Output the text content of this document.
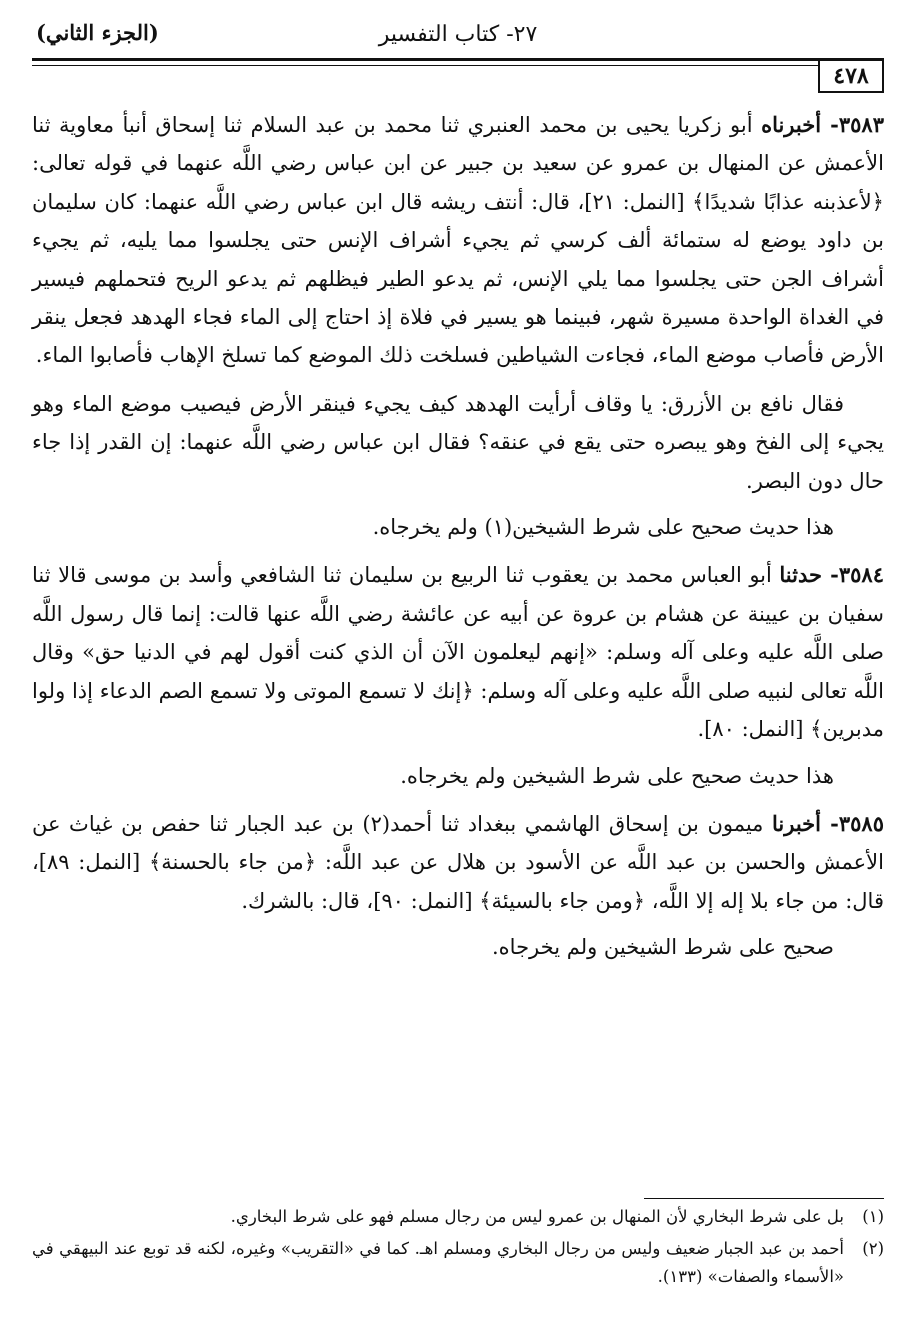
٢٧- كتاب التفسير
(الجزء الثاني)
٤٧٨

٣٥٨٣- أخبرناه أبو زكريا يحيى بن محمد العنبري ثنا محمد بن عبد السلام ثنا إسحاق أنبأ معاوية ثنا الأعمش عن المنهال بن عمرو عن سعيد بن جبير عن ابن عباس رضي اللَّه عنهما في قوله تعالى: ﴿لأعذبنه عذابًا شديدًا﴾ [النمل: ٢١]، قال: أنتف ريشه قال ابن عباس رضي اللَّه عنهما: كان سليمان بن داود يوضع له ستمائة ألف كرسي ثم يجيء أشراف الإنس حتى يجلسوا مما يليه، ثم يجيء أشراف الجن حتى يجلسوا مما يلي الإنس، ثم يدعو الطير فيظلهم ثم يدعو الريح فتحملهم فيسير في الغداة الواحدة مسيرة شهر، فبينما هو يسير في فلاة إذ احتاج إلى الماء فجاء الهدهد فجعل ينقر الأرض فأصاب موضع الماء، فجاءت الشياطين فسلخت ذلك الموضع كما تسلخ الإهاب فأصابوا الماء.

فقال نافع بن الأزرق: يا وقاف أرأيت الهدهد كيف يجيء فينقر الأرض فيصيب موضع الماء وهو يجيء إلى الفخ وهو يبصره حتى يقع في عنقه؟ فقال ابن عباس رضي اللَّه عنهما: إن القدر إذا جاء حال دون البصر.

هذا حديث صحيح على شرط الشيخين(١) ولم يخرجاه.

٣٥٨٤- حدثنا أبو العباس محمد بن يعقوب ثنا الربيع بن سليمان ثنا الشافعي وأسد بن موسى قالا ثنا سفيان بن عيينة عن هشام بن عروة عن أبيه عن عائشة رضي اللَّه عنها قالت: إنما قال رسول اللَّه صلى اللَّه عليه وعلى آله وسلم: «إنهم ليعلمون الآن أن الذي كنت أقول لهم في الدنيا حق» وقال اللَّه تعالى لنبيه صلى اللَّه عليه وعلى آله وسلم: ﴿إنك لا تسمع الموتى ولا تسمع الصم الدعاء إذا ولوا مدبرين﴾ [النمل: ٨٠].

هذا حديث صحيح على شرط الشيخين ولم يخرجاه.

٣٥٨٥- أخبرنا ميمون بن إسحاق الهاشمي ببغداد ثنا أحمد(٢) بن عبد الجبار ثنا حفص بن غياث عن الأعمش والحسن بن عبد اللَّه عن الأسود بن هلال عن عبد اللَّه: ﴿من جاء بالحسنة﴾ [النمل: ٨٩]، قال: من جاء بلا إله إلا اللَّه، ﴿ومن جاء بالسيئة﴾ [النمل: ٩٠]، قال: بالشرك.

صحيح على شرط الشيخين ولم يخرجاه.

(١)
بل على شرط البخاري لأن المنهال بن عمرو ليس من رجال مسلم فهو على شرط البخاري.
(٢)
أحمد بن عبد الجبار ضعيف وليس من رجال البخاري ومسلم اهـ. كما في «التقريب» وغيره، لكنه قد توبع عند البيهقي في «الأسماء والصفات» (١٣٣).
